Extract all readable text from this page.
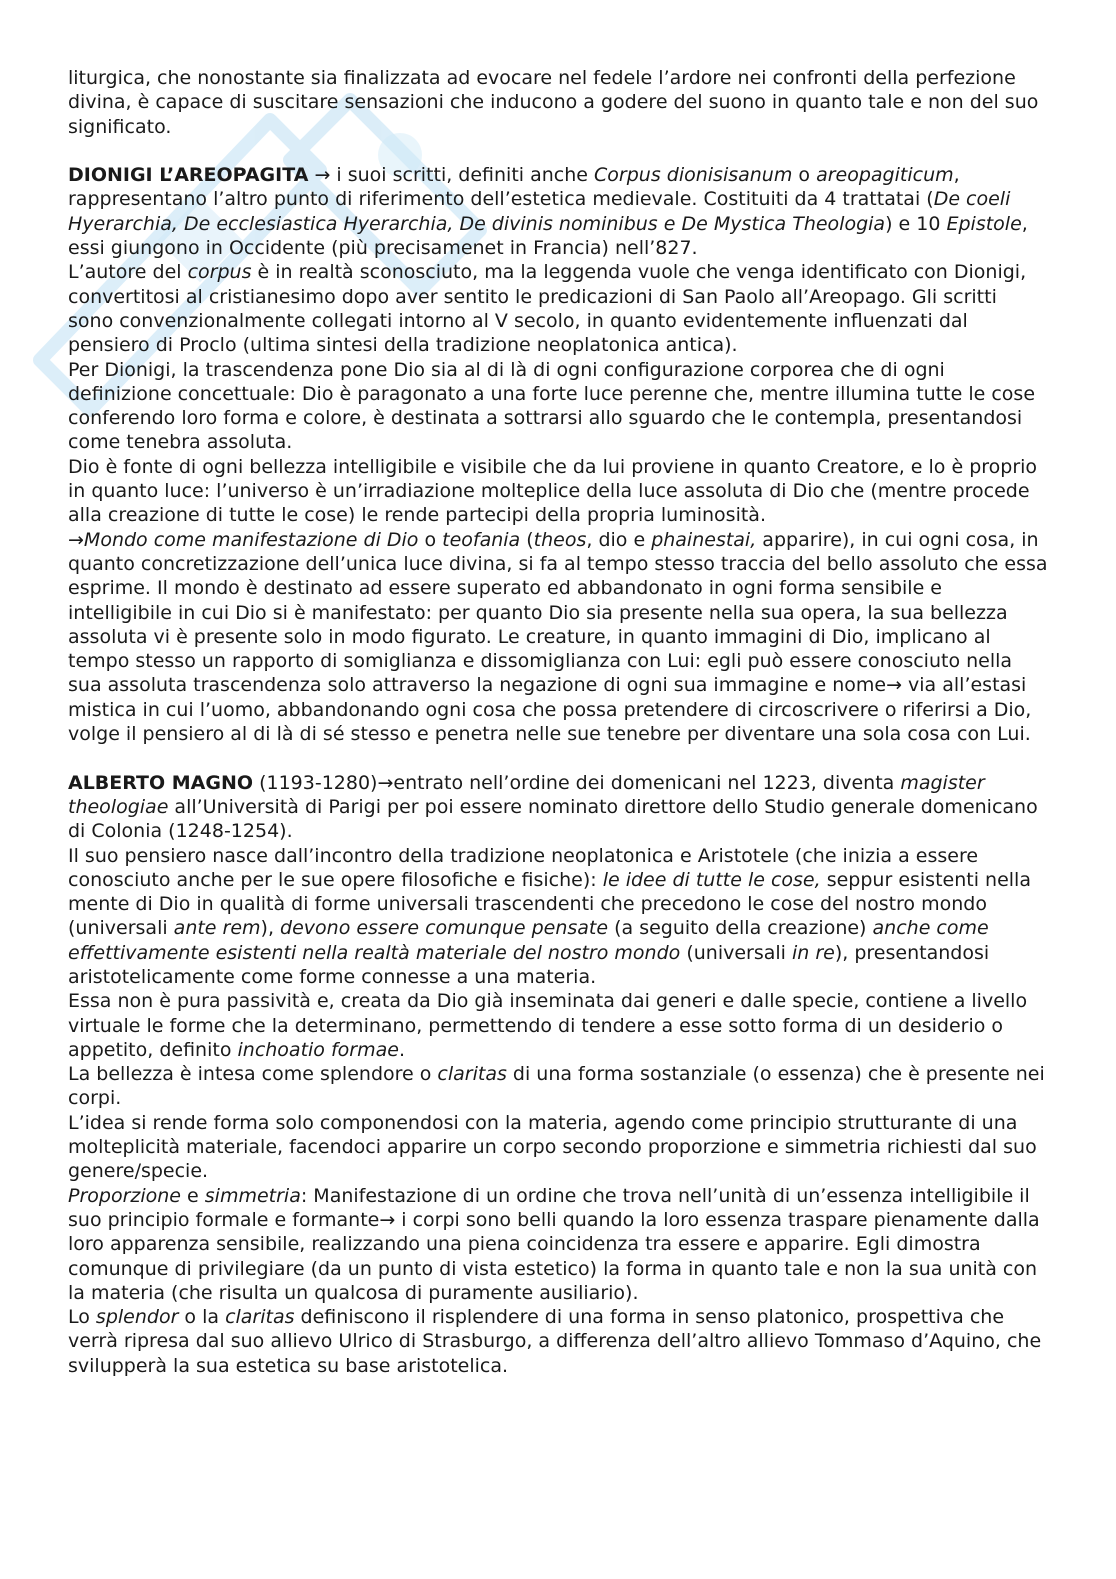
liturgica, che nonostante sia finalizzata ad evocare nel fedele l’ardore nei confronti della perfezione divina, è capace di suscitare sensazioni che inducono a godere del suono in quanto tale e non del suo significato.

DIONIGI L’AREOPAGITA → i suoi scritti, definiti anche Corpus dionisisanum o areopagiticum, rappresentano l’altro punto di riferimento dell’estetica medievale. Costituiti da 4 trattatai (De coeli Hyerarchia, De ecclesiastica Hyerarchia, De divinis nominibus e De Mystica Theologia) e 10 Epistole, essi giungono in Occidente (più precisamenet in Francia) nell’827.

L’autore del corpus è in realtà sconosciuto, ma la leggenda vuole che venga identificato con Dionigi, convertitosi al cristianesimo dopo aver sentito le predicazioni di San Paolo all’Areopago. Gli scritti sono convenzionalmente collegati intorno al V secolo, in quanto evidentemente influenzati dal pensiero di Proclo (ultima sintesi della tradizione neoplatonica antica).

Per Dionigi, la trascendenza pone Dio sia al di là di ogni configurazione corporea che di ogni definizione concettuale: Dio è paragonato a una forte luce perenne che, mentre illumina tutte le cose conferendo loro forma e colore, è destinata a sottrarsi allo sguardo che le contempla, presentandosi come tenebra assoluta.

Dio è fonte di ogni bellezza intelligibile e visibile che da lui proviene in quanto Creatore, e lo è proprio in quanto luce: l’universo è un’irradiazione molteplice della luce assoluta di Dio che (mentre procede alla creazione di tutte le cose) le rende partecipi della propria luminosità.

→Mondo come manifestazione di Dio o teofania (theos, dio e phainestai, apparire), in cui ogni cosa, in quanto concretizzazione dell’unica luce divina, si fa al tempo stesso traccia del bello assoluto che essa esprime. Il mondo è destinato ad essere superato ed abbandonato in ogni forma sensibile e intelligibile in cui Dio si è manifestato: per quanto Dio sia presente nella sua opera, la sua bellezza assoluta vi è presente solo in modo figurato. Le creature, in quanto immagini di Dio, implicano al tempo stesso un rapporto di somiglianza e dissomiglianza con Lui: egli può essere conosciuto nella sua assoluta trascendenza solo attraverso la negazione di ogni sua immagine e nome→ via all’estasi mistica in cui l’uomo, abbandonando ogni cosa che possa pretendere di circoscrivere o riferirsi a Dio, volge il pensiero al di là di sé stesso e penetra nelle sue tenebre per diventare una sola cosa con Lui.

ALBERTO MAGNO (1193-1280)→entrato nell’ordine dei domenicani nel 1223, diventa magister theologiae all’Università di Parigi per poi essere nominato direttore dello Studio generale domenicano di Colonia (1248-1254).

Il suo pensiero nasce dall’incontro della tradizione neoplatonica e Aristotele (che inizia a essere conosciuto anche per le sue opere filosofiche e fisiche): le idee di tutte le cose, seppur esistenti nella mente di Dio in qualità di forme universali trascendenti che precedono le cose del nostro mondo (universali ante rem), devono essere comunque pensate (a seguito della creazione) anche come effettivamente esistenti nella realtà materiale del nostro mondo (universali in re), presentandosi aristotelicamente come forme connesse a una materia.

Essa non è pura passività e, creata da Dio già inseminata dai generi e dalle specie, contiene a livello virtuale le forme che la determinano, permettendo di tendere a esse sotto forma di un desiderio o appetito, definito inchoatio formae.

La bellezza è intesa come splendore o claritas di una forma sostanziale (o essenza) che è presente nei corpi.

L’idea si rende forma solo componendosi con la materia, agendo come principio strutturante di una molteplicità materiale, facendoci apparire un corpo secondo proporzione e simmetria richiesti dal suo genere/specie.

Proporzione e simmetria: Manifestazione di un ordine che trova nell’unità di un’essenza intelligibile il suo principio formale e formante→ i corpi sono belli quando la loro essenza traspare pienamente dalla loro apparenza sensibile, realizzando una piena coincidenza tra essere e apparire. Egli dimostra comunque di privilegiare (da un punto di vista estetico) la forma in quanto tale e non la sua unità con la materia (che risulta un qualcosa di puramente ausiliario).

Lo splendor o la claritas definiscono il risplendere di una forma in senso platonico, prospettiva che verrà ripresa dal suo allievo Ulrico di Strasburgo, a differenza dell’altro allievo Tommaso d’Aquino, che svilupperà la sua estetica su base aristotelica.
